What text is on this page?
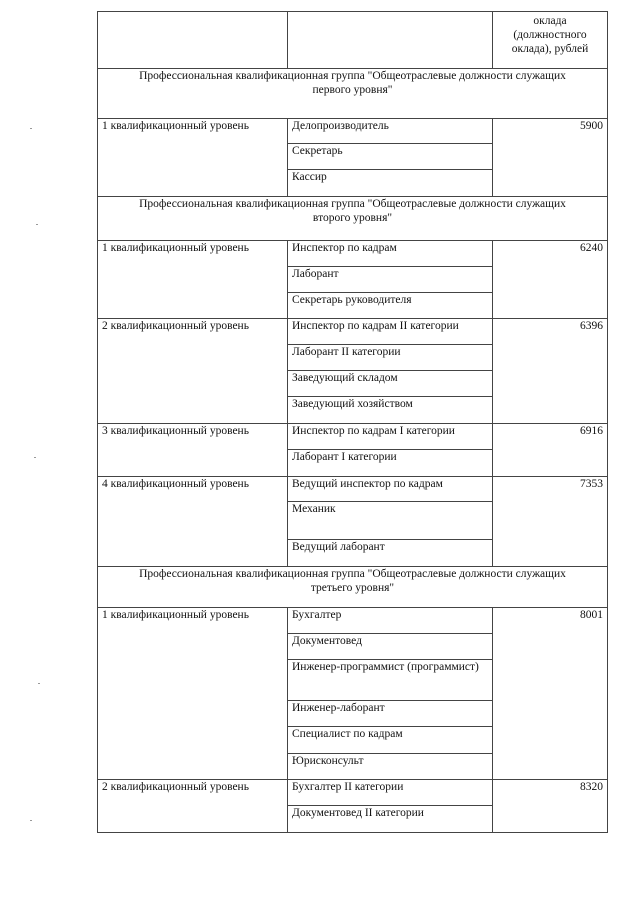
		оклада
(должностного
оклада), рублей

Профессиональная квалификационная группа "Общеотраслевые должности служащих
первого уровня"		

1 квалификационный уровень	Делопроизводитель	5900
	Секретарь	
	Кассир	

Профессиональная квалификационная группа "Общеотраслевые должности служащих
второго уровня"		

1 квалификационный уровень	Инспектор по кадрам	6240
	Лаборант	
	Секретарь руководителя	
2 квалификационный уровень	Инспектор по кадрам II категории	6396
	Лаборант II категории	
	Заведующий складом	
	Заведующий хозяйством	
3 квалификационный уровень	Инспектор по кадрам I категории	6916
	Лаборант I категории	
4 квалификационный уровень	Ведущий инспектор по кадрам	7353
	Механик	
	Ведущий лаборант	

Профессиональная квалификационная группа "Общеотраслевые должности служащих
третьего уровня"		

1 квалификационный уровень	Бухгалтер	8001
	Документовед	
	Инженер-программист (программист)	
	Инженер-лаборант	
	Специалист по кадрам	
	Юрисконсульт	
2 квалификационный уровень	Бухгалтер II категории	8320
	Документовед II категории	
